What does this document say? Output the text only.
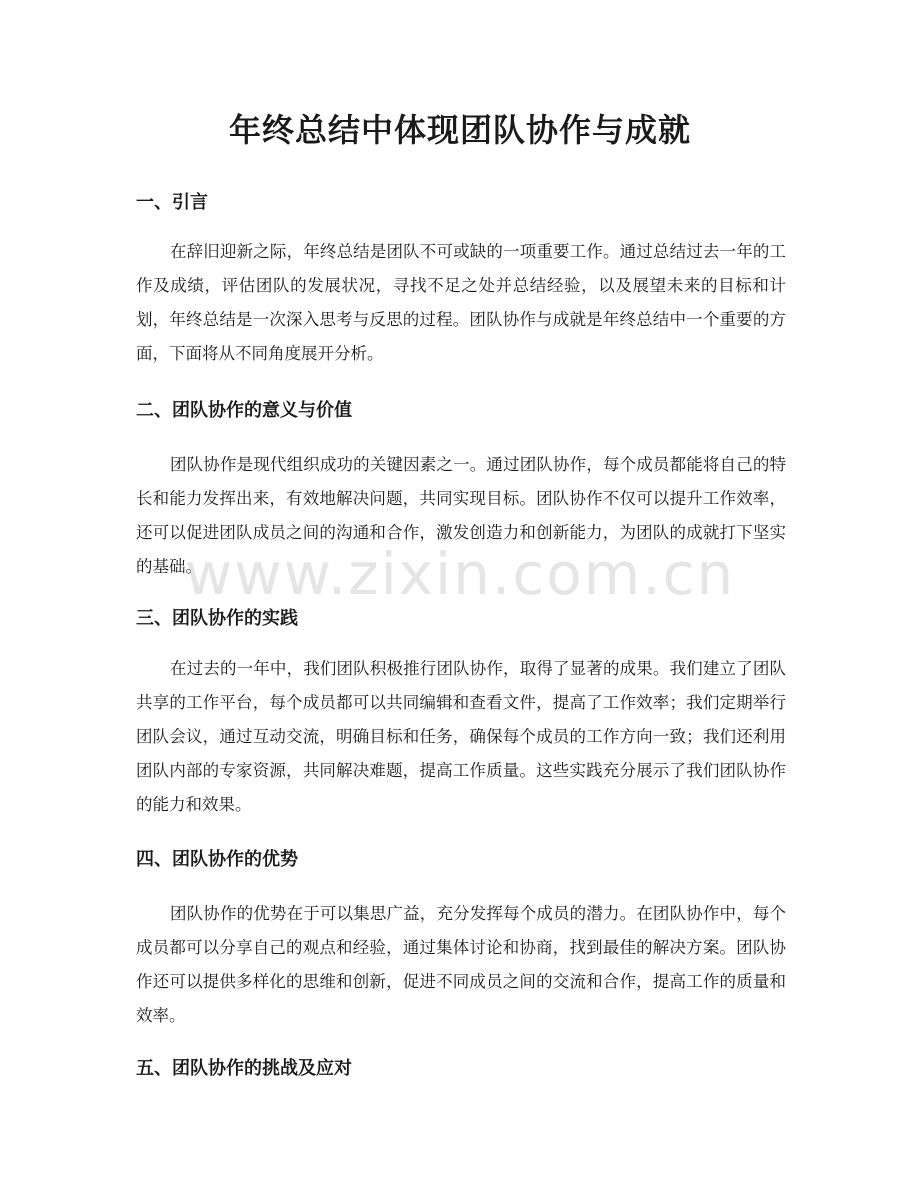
年终总结中体现团队协作与成就
一、引言

在辞旧迎新之际，年终总结是团队不可或缺的一项重要工作。通过总结过去一年的工作及成绩，评估团队的发展状况，寻找不足之处并总结经验，以及展望未来的目标和计划，年终总结是一次深入思考与反思的过程。团队协作与成就是年终总结中一个重要的方面，下面将从不同角度展开分析。

二、团队协作的意义与价值

团队协作是现代组织成功的关键因素之一。通过团队协作，每个成员都能将自己的特长和能力发挥出来，有效地解决问题，共同实现目标。团队协作不仅可以提升工作效率，还可以促进团队成员之间的沟通和合作，激发创造力和创新能力，为团队的成就打下坚实的基础。

三、团队协作的实践

在过去的一年中，我们团队积极推行团队协作，取得了显著的成果。我们建立了团队共享的工作平台，每个成员都可以共同编辑和查看文件，提高了工作效率；我们定期举行团队会议，通过互动交流，明确目标和任务，确保每个成员的工作方向一致；我们还利用团队内部的专家资源，共同解决难题，提高工作质量。这些实践充分展示了我们团队协作的能力和效果。

四、团队协作的优势

团队协作的优势在于可以集思广益，充分发挥每个成员的潜力。在团队协作中，每个成员都可以分享自己的观点和经验，通过集体讨论和协商，找到最佳的解决方案。团队协作还可以提供多样化的思维和创新，促进不同成员之间的交流和合作，提高工作的质量和效率。

五、团队协作的挑战及应对
www.zixin.com.cn
